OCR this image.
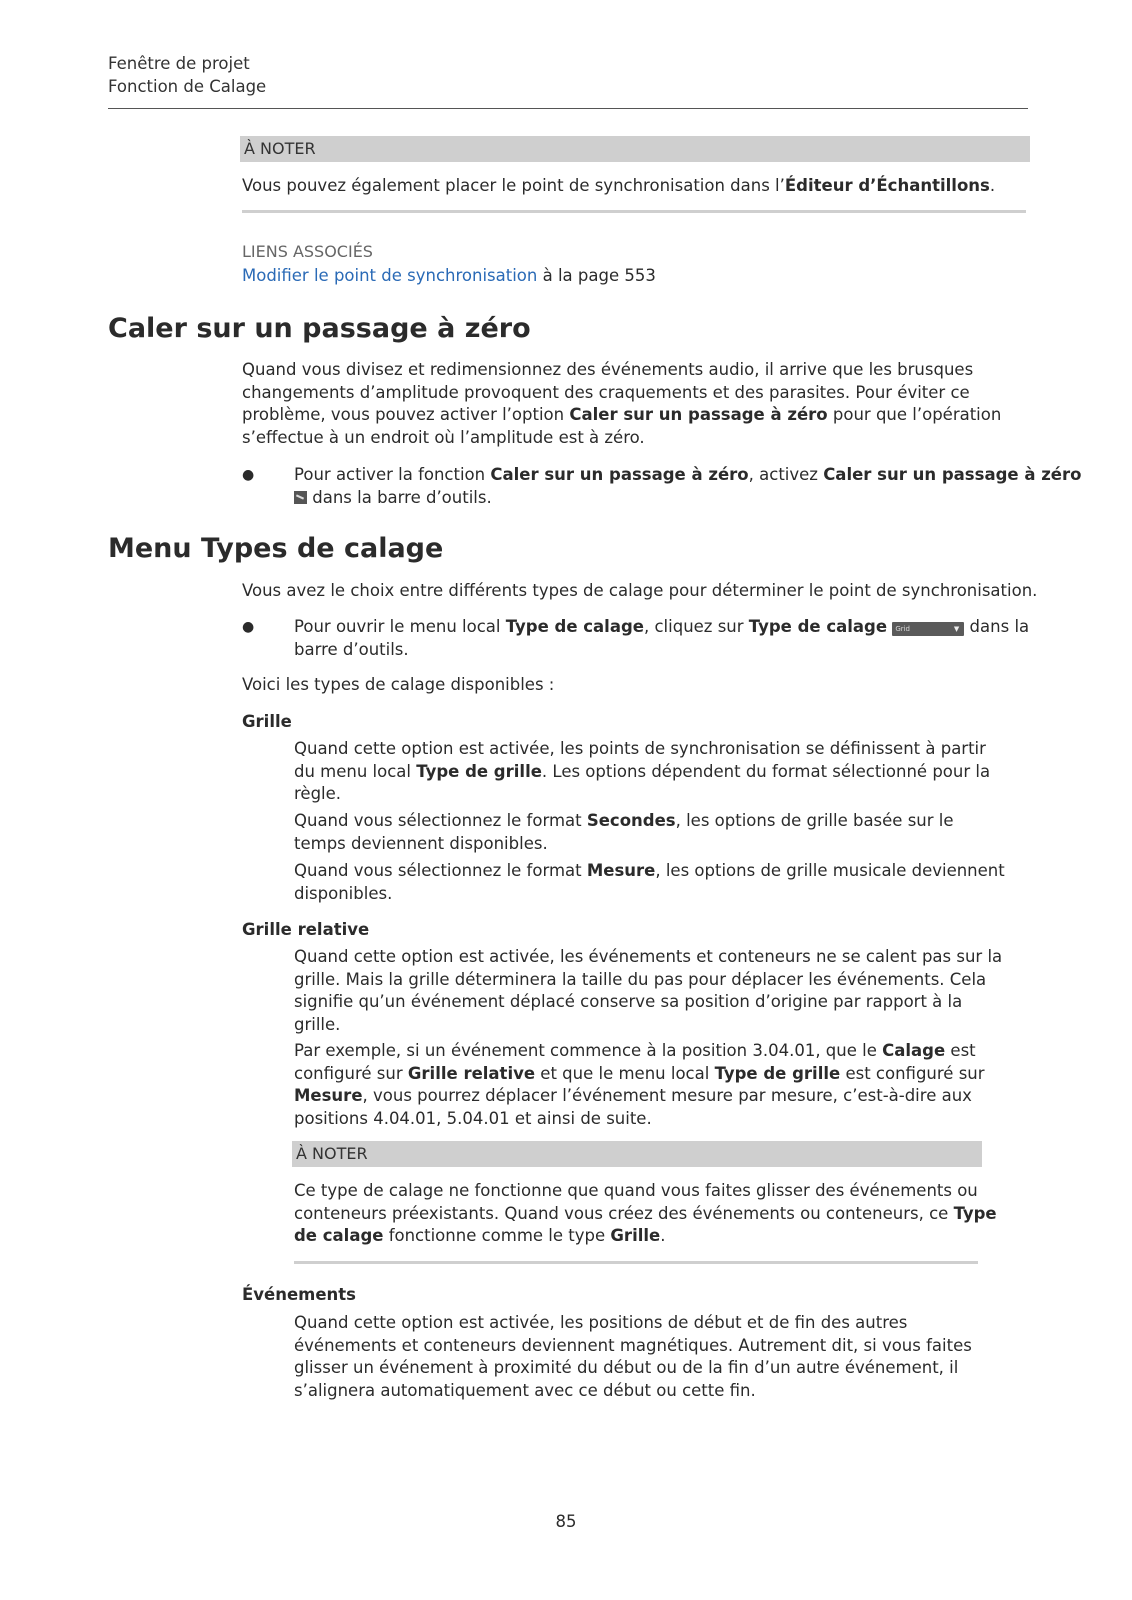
Fenêtre de projet
Fonction de Calage
À NOTER
Vous pouvez également placer le point de synchronisation dans l’Éditeur d’Échantillons.
LIENS ASSOCIÉS
Modifier le point de synchronisation à la page 553
Caler sur un passage à zéro
Quand vous divisez et redimensionnez des événements audio, il arrive que les brusques
changements d’amplitude provoquent des craquements et des parasites. Pour éviter ce
problème, vous pouvez activer l’option Caler sur un passage à zéro pour que l’opération
s’effectue à un endroit où l’amplitude est à zéro.
● Pour activer la fonction Caler sur un passage à zéro, activez Caler sur un passage à zéro
dans la barre d’outils.
Menu Types de calage
Vous avez le choix entre différents types de calage pour déterminer le point de synchronisation.
● Pour ouvrir le menu local Type de calage, cliquez sur Type de calage Grid	▼ dans la
barre d’outils.
Voici les types de calage disponibles :
Grille
Quand cette option est activée, les points de synchronisation se définissent à partir
du menu local Type de grille. Les options dépendent du format sélectionné pour la
règle.
Quand vous sélectionnez le format Secondes, les options de grille basée sur le
temps deviennent disponibles.
Quand vous sélectionnez le format Mesure, les options de grille musicale deviennent
disponibles.
Grille relative
Quand cette option est activée, les événements et conteneurs ne se calent pas sur la
grille. Mais la grille déterminera la taille du pas pour déplacer les événements. Cela
signifie qu’un événement déplacé conserve sa position d’origine par rapport à la
grille.
Par exemple, si un événement commence à la position 3.04.01, que le Calage est
configuré sur Grille relative et que le menu local Type de grille est configuré sur
Mesure, vous pourrez déplacer l’événement mesure par mesure, c’est-à-dire aux
positions 4.04.01, 5.04.01 et ainsi de suite.
À NOTER
Ce type de calage ne fonctionne que quand vous faites glisser des événements ou
conteneurs préexistants. Quand vous créez des événements ou conteneurs, ce Type
de calage fonctionne comme le type Grille.
Événements
Quand cette option est activée, les positions de début et de fin des autres
événements et conteneurs deviennent magnétiques. Autrement dit, si vous faites
glisser un événement à proximité du début ou de la fin d’un autre événement, il
s’alignera automatiquement avec ce début ou cette fin.
85
